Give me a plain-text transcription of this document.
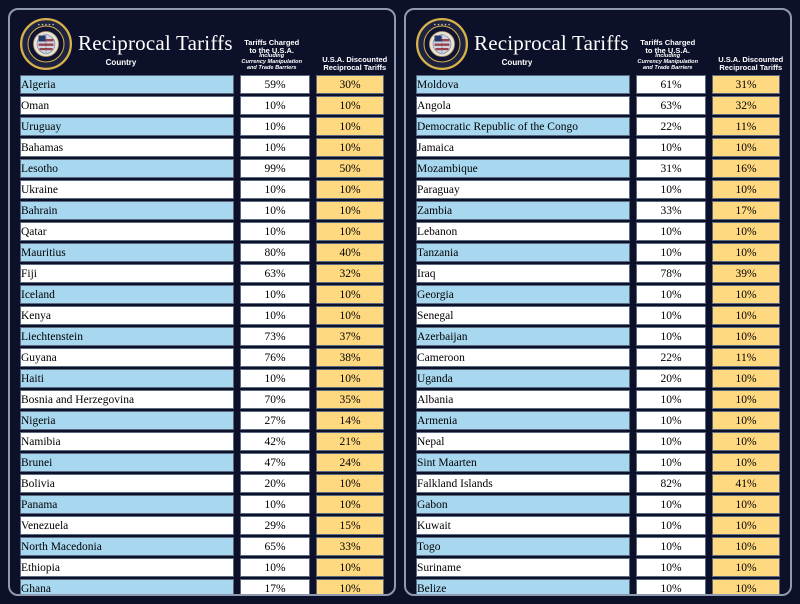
★ ★ ★ ★ ★
Reciprocal Tariffs	Tariffs Charged
to the U.S.A.
Including
Currency Manipulation
and Trade Barriers
U.S.A. Discounted
Reciprocal Tariffs
Country
Algeria		59%		30%
Oman		10%		10%
Uruguay		10%		10%
Bahamas		10%		10%
Lesotho		99%		50%
Ukraine		10%		10%
Bahrain		10%		10%
Qatar		10%		10%
Mauritius		80%		40%
Fiji		63%		32%
Iceland		10%		10%
Kenya		10%		10%
Liechtenstein		73%		37%
Guyana		76%		38%
Haiti		10%		10%
Bosnia and Herzegovina		70%		35%
Nigeria		27%		14%
Namibia		42%		21%
Brunei		47%		24%
Bolivia		20%		10%
Panama		10%		10%
Venezuela		29%		15%
North Macedonia		65%		33%
Ethiopia		10%		10%
Ghana		17%		10%
★ ★ ★ ★ ★
Reciprocal Tariffs	Tariffs Charged
to the U.S.A.
Including
Currency Manipulation
and Trade Barriers
U.S.A. Discounted
Reciprocal Tariffs
Country
Moldova		61%		31%
Angola		63%		32%
Democratic Republic of the Congo		22%		11%
Jamaica		10%		10%
Mozambique		31%		16%
Paraguay		10%		10%
Zambia		33%		17%
Lebanon		10%		10%
Tanzania		10%		10%
Iraq		78%		39%
Georgia		10%		10%
Senegal		10%		10%
Azerbaijan		10%		10%
Cameroon		22%		11%
Uganda		20%		10%
Albania		10%		10%
Armenia		10%		10%
Nepal		10%		10%
Sint Maarten		10%		10%
Falkland Islands		82%		41%
Gabon		10%		10%
Kuwait		10%		10%
Togo		10%		10%
Suriname		10%		10%
Belize		10%		10%
